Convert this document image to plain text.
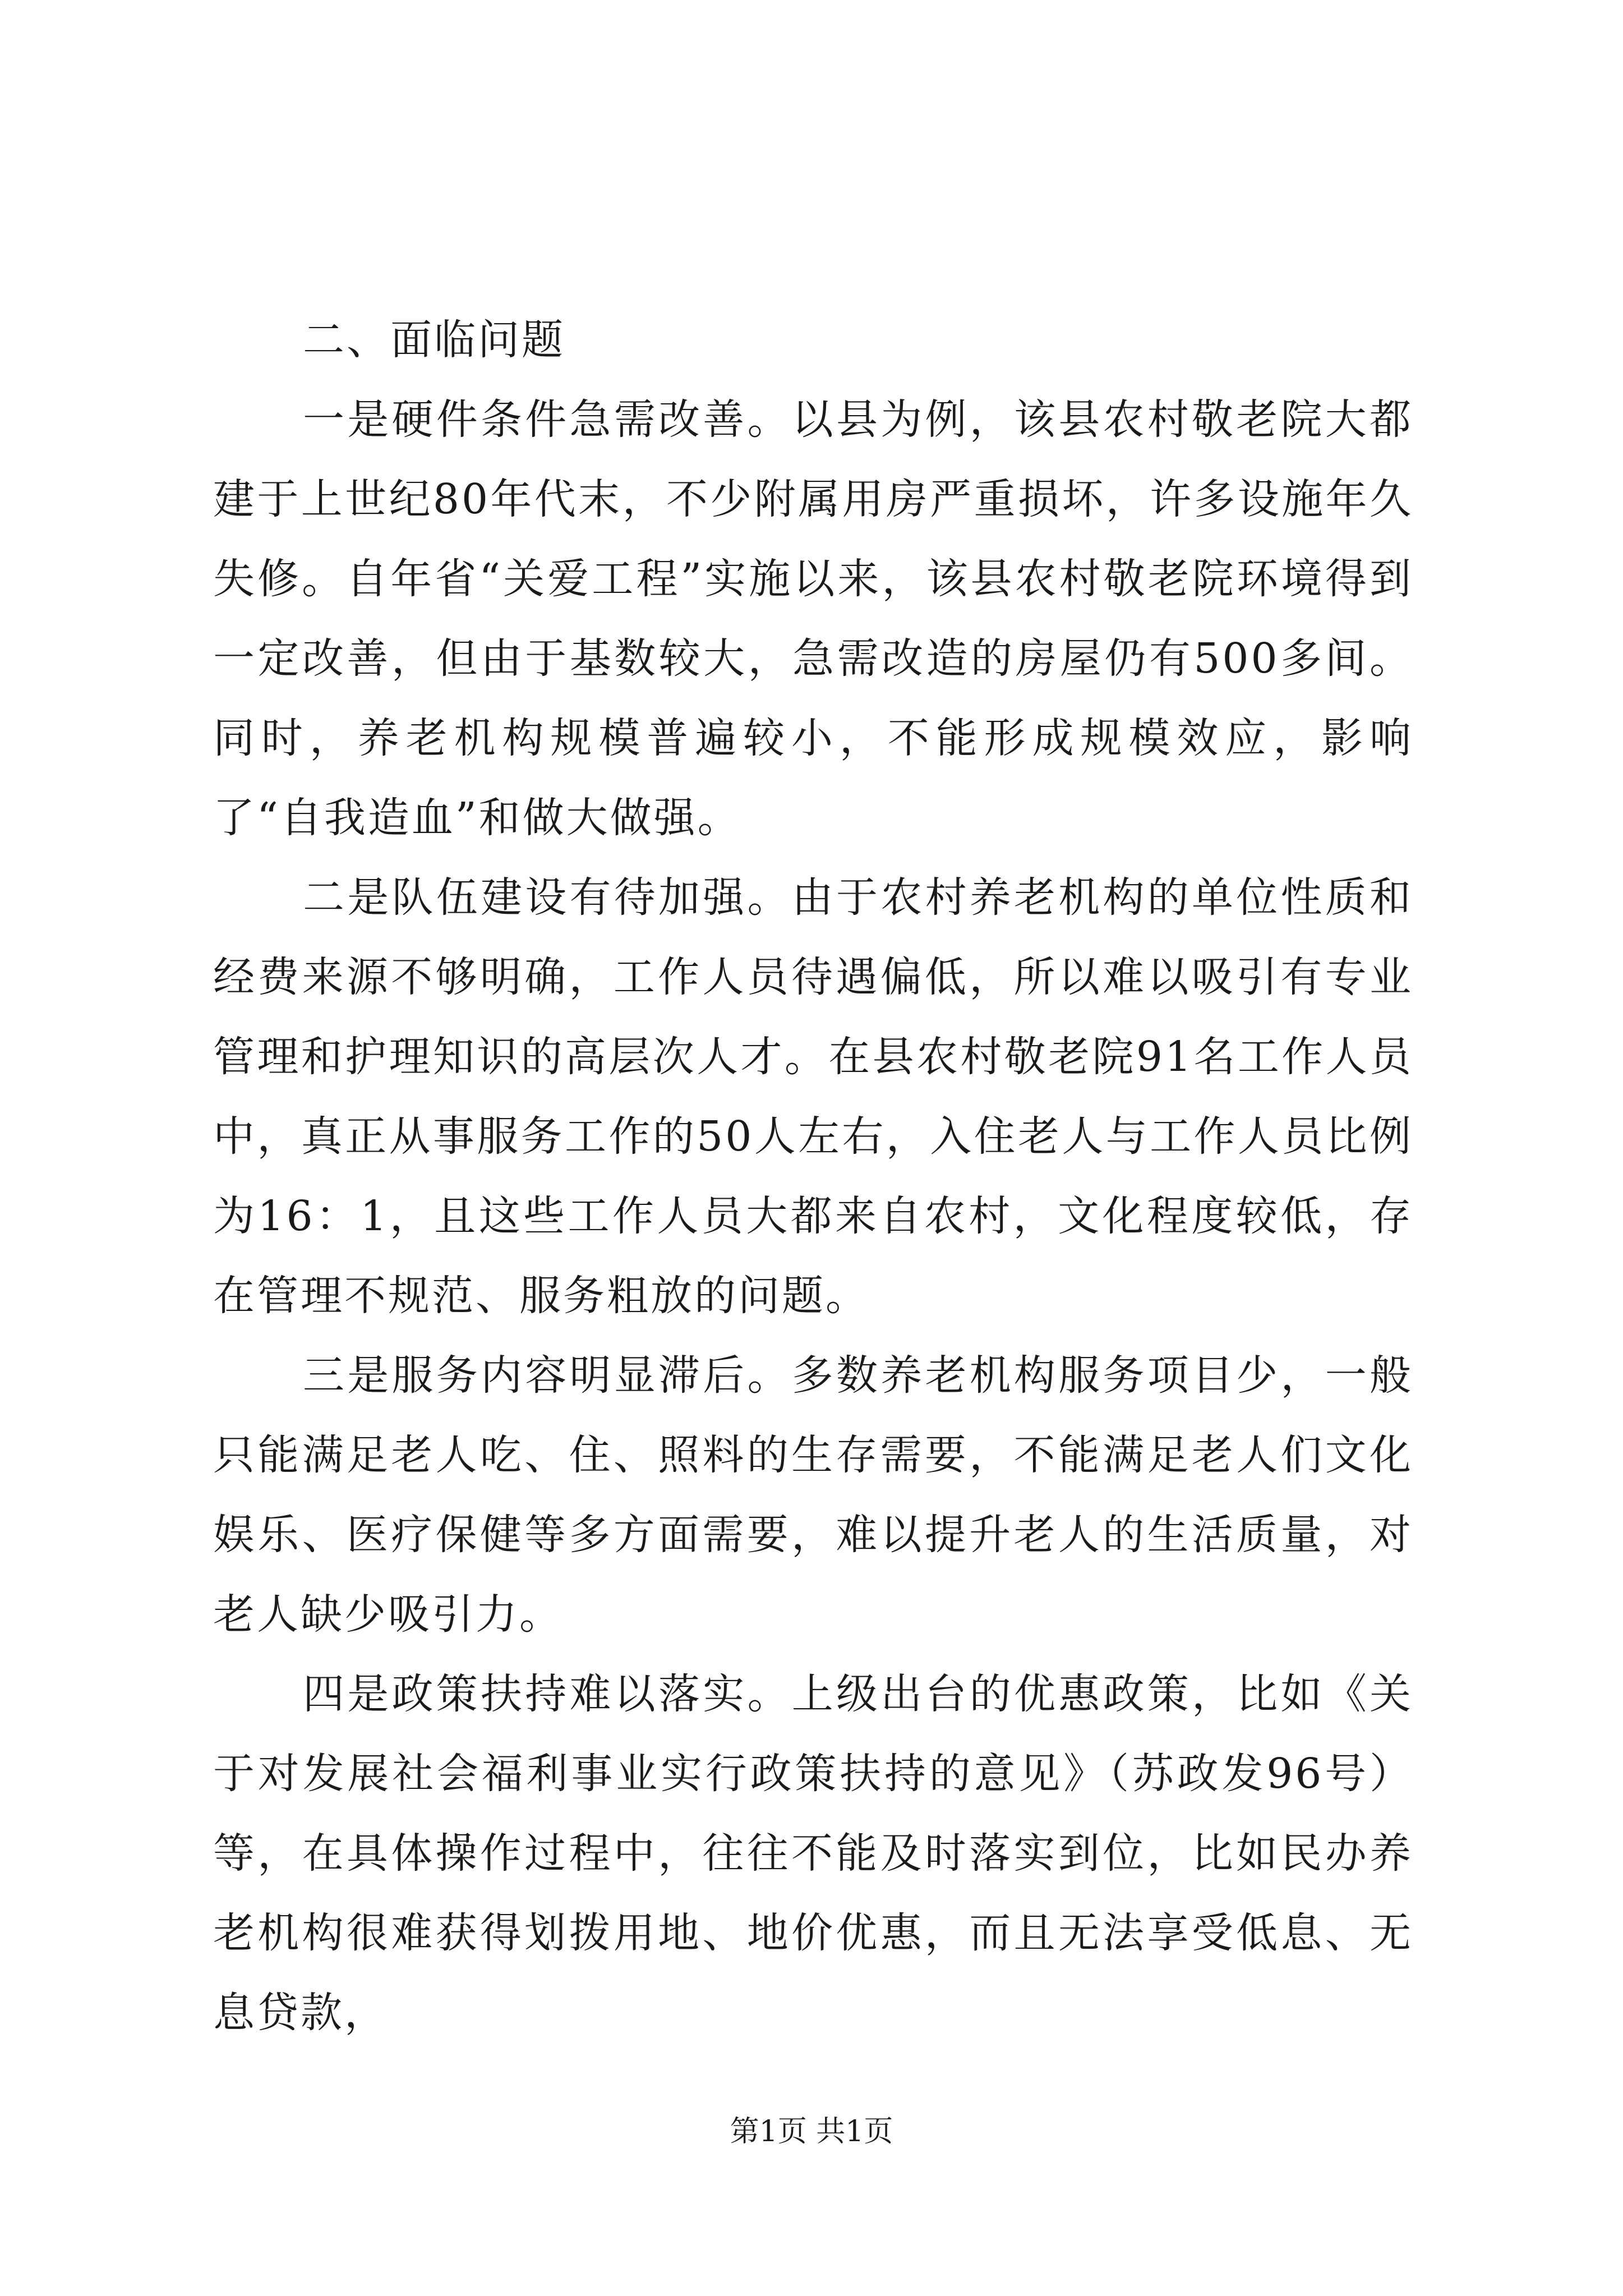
二、面临问题

一是硬件条件急需改善。以县为例，该县农村敬老院大都建于上世纪80年代末，不少附属用房严重损坏，许多设施年久失修。自年省“关爱工程”实施以来，该县农村敬老院环境得到一定改善，但由于基数较大，急需改造的房屋仍有500多间。同时，养老机构规模普遍较小，不能形成规模效应，影响了“自我造血”和做大做强。

二是队伍建设有待加强。由于农村养老机构的单位性质和经费来源不够明确，工作人员待遇偏低，所以难以吸引有专业管理和护理知识的高层次人才。在县农村敬老院91名工作人员中，真正从事服务工作的50人左右，入住老人与工作人员比例为16：1，且这些工作人员大都来自农村，文化程度较低，存在管理不规范、服务粗放的问题。

三是服务内容明显滞后。多数养老机构服务项目少，一般只能满足老人吃、住、照料的生存需要，不能满足老人们文化娱乐、医疗保健等多方面需要，难以提升老人的生活质量，对老人缺少吸引力。

四是政策扶持难以落实。上级出台的优惠政策，比如《关于对发展社会福利事业实行政策扶持的意见》（苏政发96号）等，在具体操作过程中，往往不能及时落实到位，比如民办养老机构很难获得划拨用地、地价优惠，而且无法享受低息、无息贷款，

第1页 共1页
